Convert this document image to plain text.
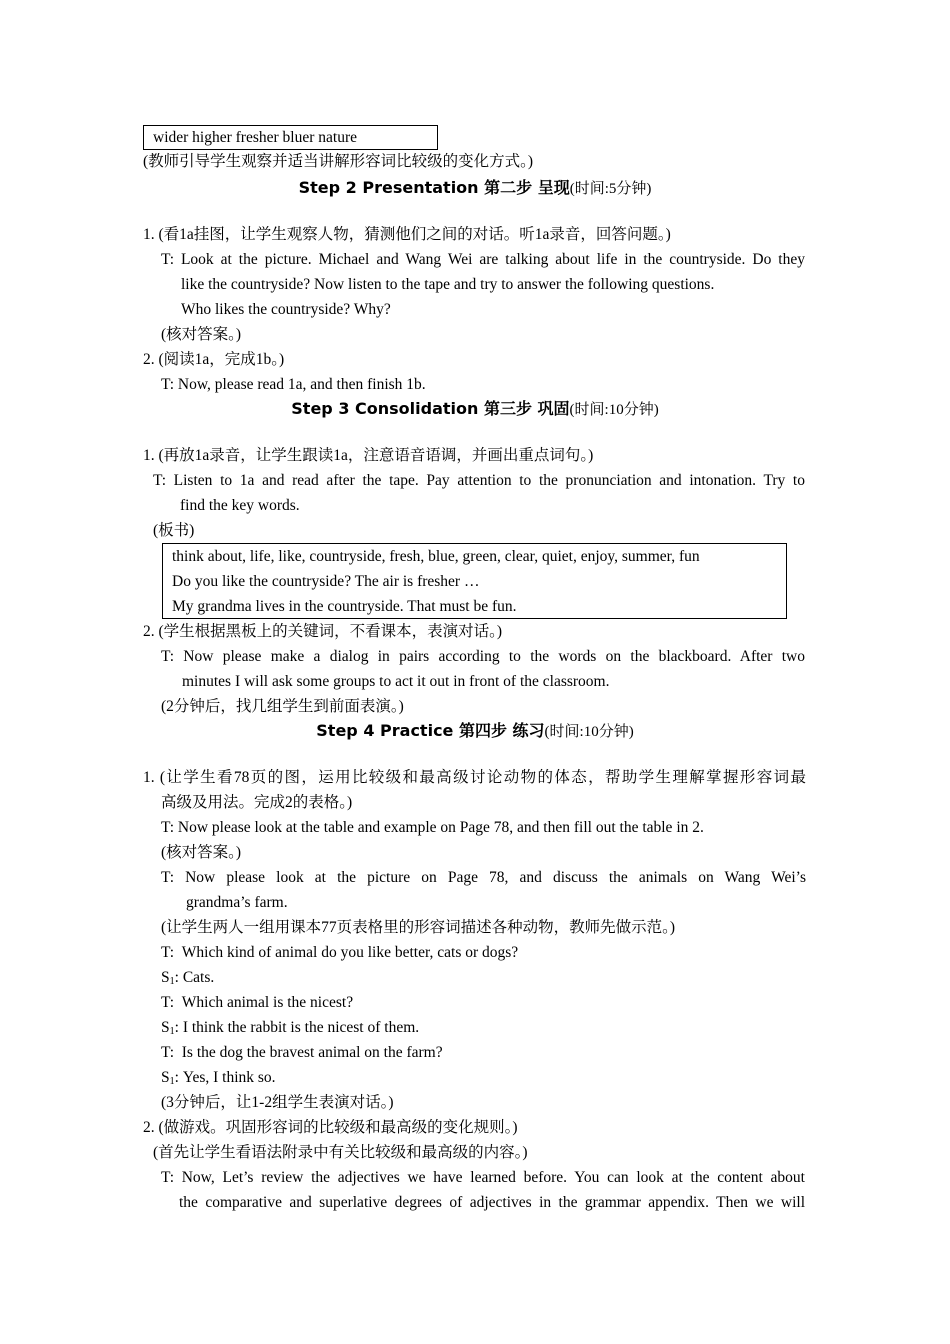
wider higher fresher bluer nature
(教师引导学生观察并适当讲解形容词比较级的变化方式。)
Step 2 Presentation 第二步 呈现(时间:5分钟)
1. (看1a挂图，让学生观察人物，猜测他们之间的对话。听1a录音，回答问题。)
T: Look at the picture. Michael and Wang Wei are talking about life in the countryside. Do they
like the countryside? Now listen to the tape and try to answer the following questions.
Who likes the countryside? Why?
(核对答案。)
2. (阅读1a，完成1b。)
T: Now, please read 1a, and then finish 1b.
Step 3 Consolidation 第三步 巩固(时间:10分钟)
1. (再放1a录音，让学生跟读1a，注意语音语调，并画出重点词句。)
T: Listen to 1a and read after the tape. Pay attention to the pronunciation and intonation. Try to
find the key words.
(板书)
think about, life, like, countryside, fresh, blue, green, clear, quiet, enjoy, summer, fun
Do you like the countryside? The air is fresher …
My grandma lives in the countryside. That must be fun.
2. (学生根据黑板上的关键词，不看课本，表演对话。)
T: Now please make a dialog in pairs according to the words on the blackboard. After two
minutes I will ask some groups to act it out in front of the classroom.
(2分钟后，找几组学生到前面表演。)
Step 4 Practice 第四步 练习(时间:10分钟)
1. (让学生看78页的图，运用比较级和最高级讨论动物的体态，帮助学生理解掌握形容词最
高级及用法。完成2的表格。)
T: Now please look at the table and example on Page 78, and then fill out the table in 2.
(核对答案。)
T: Now please look at the picture on Page 78, and discuss the animals on Wang Wei’s
grandma’s farm.
(让学生两人一组用课本77页表格里的形容词描述各种动物，教师先做示范。)
T: Which kind of animal do you like better, cats or dogs?
$S_1$: Cats.
T: Which animal is the nicest?
$S_1$: I think the rabbit is the nicest of them.
T: Is the dog the bravest animal on the farm?
$S_1$: Yes, I think so.
(3分钟后，让1-2组学生表演对话。)
2. (做游戏。巩固形容词的比较级和最高级的变化规则。)
(首先让学生看语法附录中有关比较级和最高级的内容。)
T: Now, Let’s review the adjectives we have learned before. You can look at the content about
the comparative and superlative degrees of adjectives in the grammar appendix. Then we will
